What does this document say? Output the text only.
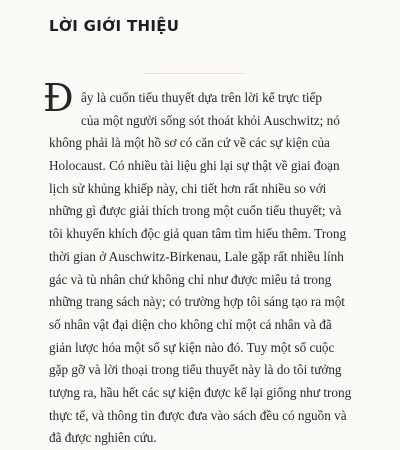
LỜI GIỚI THIỆU
Đ ây là cuốn tiểu thuyết dựa trên lời kể trực tiếp
của một người sống sót thoát khỏi Auschwitz; nó
không phải là một hồ sơ có căn cứ về các sự kiện của
Holocaust. Có nhiều tài liệu ghi lại sự thật về giai đoạn
lịch sử khủng khiếp này, chi tiết hơn rất nhiều so với
những gì được giải thích trong một cuốn tiểu thuyết; và
tôi khuyến khích độc giả quan tâm tìm hiểu thêm. Trong
thời gian ở Auschwitz-Birkenau, Lale gặp rất nhiều lính
gác và tù nhân chứ không chỉ như được miêu tả trong
những trang sách này; có trường hợp tôi sáng tạo ra một
số nhân vật đại diện cho không chỉ một cá nhân và đã
giản lược hóa một số sự kiện nào đó. Tuy một số cuộc
gặp gỡ và lời thoại trong tiểu thuyết này là do tôi tưởng
tượng ra, hầu hết các sự kiện được kể lại giống như trong
thực tế, và thông tin được đưa vào sách đều có nguồn và
đã được nghiên cứu.
